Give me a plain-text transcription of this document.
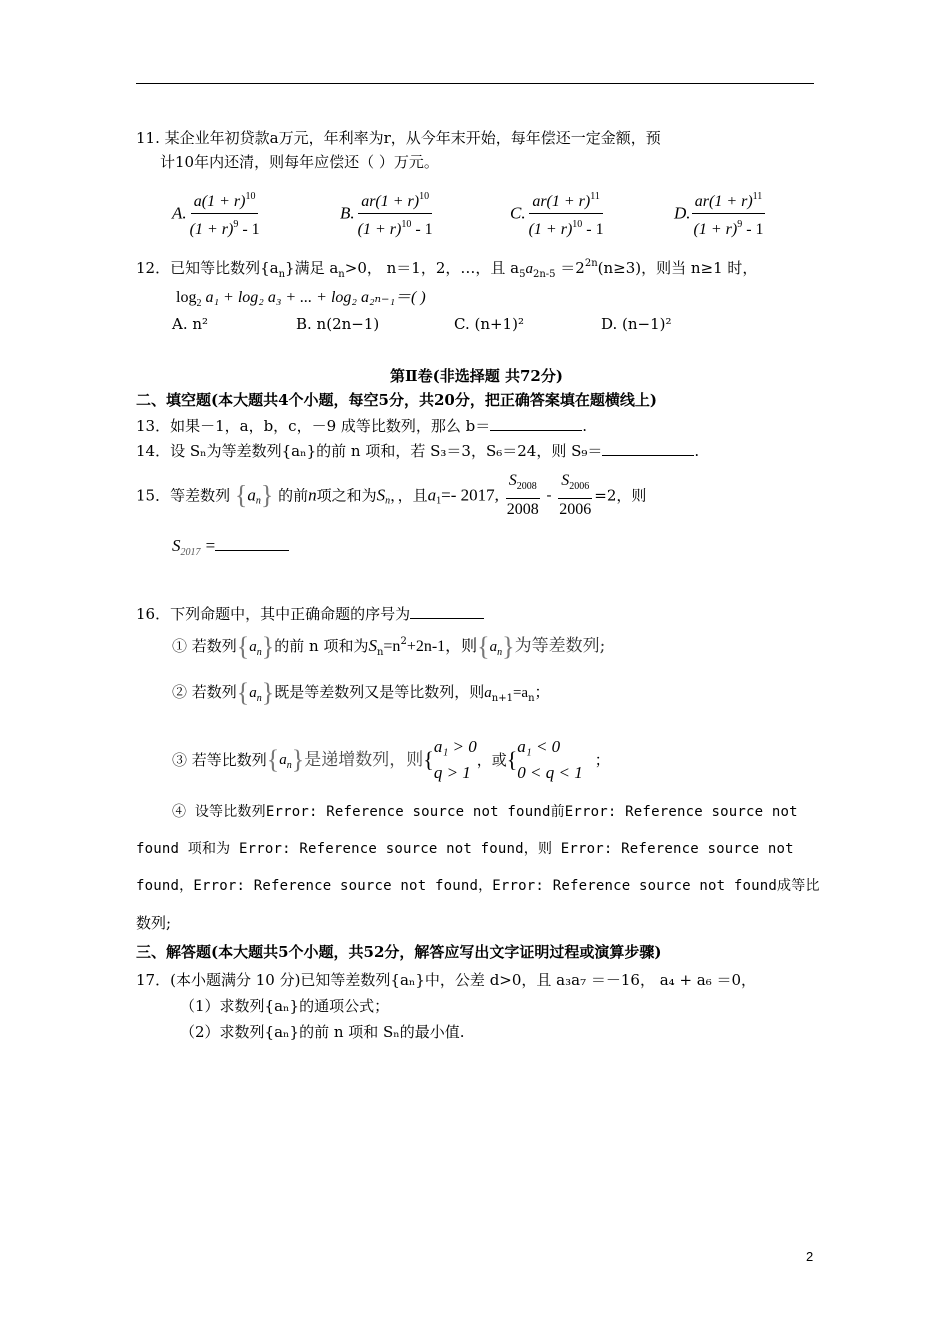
11. 某企业年初贷款a万元，年利率为r，从今年末开始，每年偿还一定金额，预
计10年内还清，则每年应偿还（ ）万元。
A. $\frac{a(1 + r)^{10}}{(1 + r)^9 - 1}$	B. $\frac{ar(1 + r)^{10}}{(1 + r)^{10} - 1}$	C. $\frac{ar(1 + r)^{11}}{(1 + r)^{10} - 1}$	D. $\frac{ar(1 + r)^{11}}{(1 + r)^9 - 1}$
12．已知等比数列$\{a_n\}$满足 $a_n>0$， n＝1，2，…，且 $a_5a_{2n-5} =2^{2n}(n\ge 3)$，则当 n≥1 时，
$\log_2 a_1 + \log_2$ a₃ + ... + log₂ a₂ₙ₋₁＝( )
A. n²	B. n(2n−1)	C. (n+1)²	D. (n−1)²
第Ⅱ卷(非选择题 共72分)
二、填空题(本大题共4个小题，每空5分，共20分，把正确答案填在题横线上)
13．如果－1，a，b，c，－9 成等比数列，那么 b＝	.
14．设 Sₙ为等差数列{aₙ}的前 n 项和，若 S₃＝3，S₆＝24，则 S₉＝	.
15．等差数列 $\{a_n\}$ 的前n项之和为$S_n$，，且$a_1=-$ 2017, $\frac{S_{2008}}{2008} - \frac{S_{2006}}{2006} =2$，则
$S_{2017}$ =
16．下列命题中，其中正确命题的序号为
① 若数列$\{a_n\}$的前 n 项和为$S_n=n^2+2n-1$，则$\{a_n\}$为等差数列;
② 若数列$\{a_n\}$既是等差数列又是等比数列，则$a_{n+1}=a_n$；
③ 若等比数列$\{a_n\}$是递增数列，则{
a₁ > 0
q > 1
，或{
a₁ < 0
0 < q < 1
；
④ 设等比数列Error: Reference source not found前Error: Reference source not
found 项和为 Error: Reference source not found，则 Error: Reference source not
found，Error: Reference source not found，Error: Reference source not found成等比
数列;
三、解答题(本大题共5个小题，共52分，解答应写出文字证明过程或演算步骤)
17．(本小题满分 10 分)已知等差数列{aₙ}中，公差 d>0，且 a₃a₇ ＝－16， a₄ + a₆ ＝0，
（1）求数列{aₙ}的通项公式；
（2）求数列{aₙ}的前 n 项和 Sₙ的最小值.
2
